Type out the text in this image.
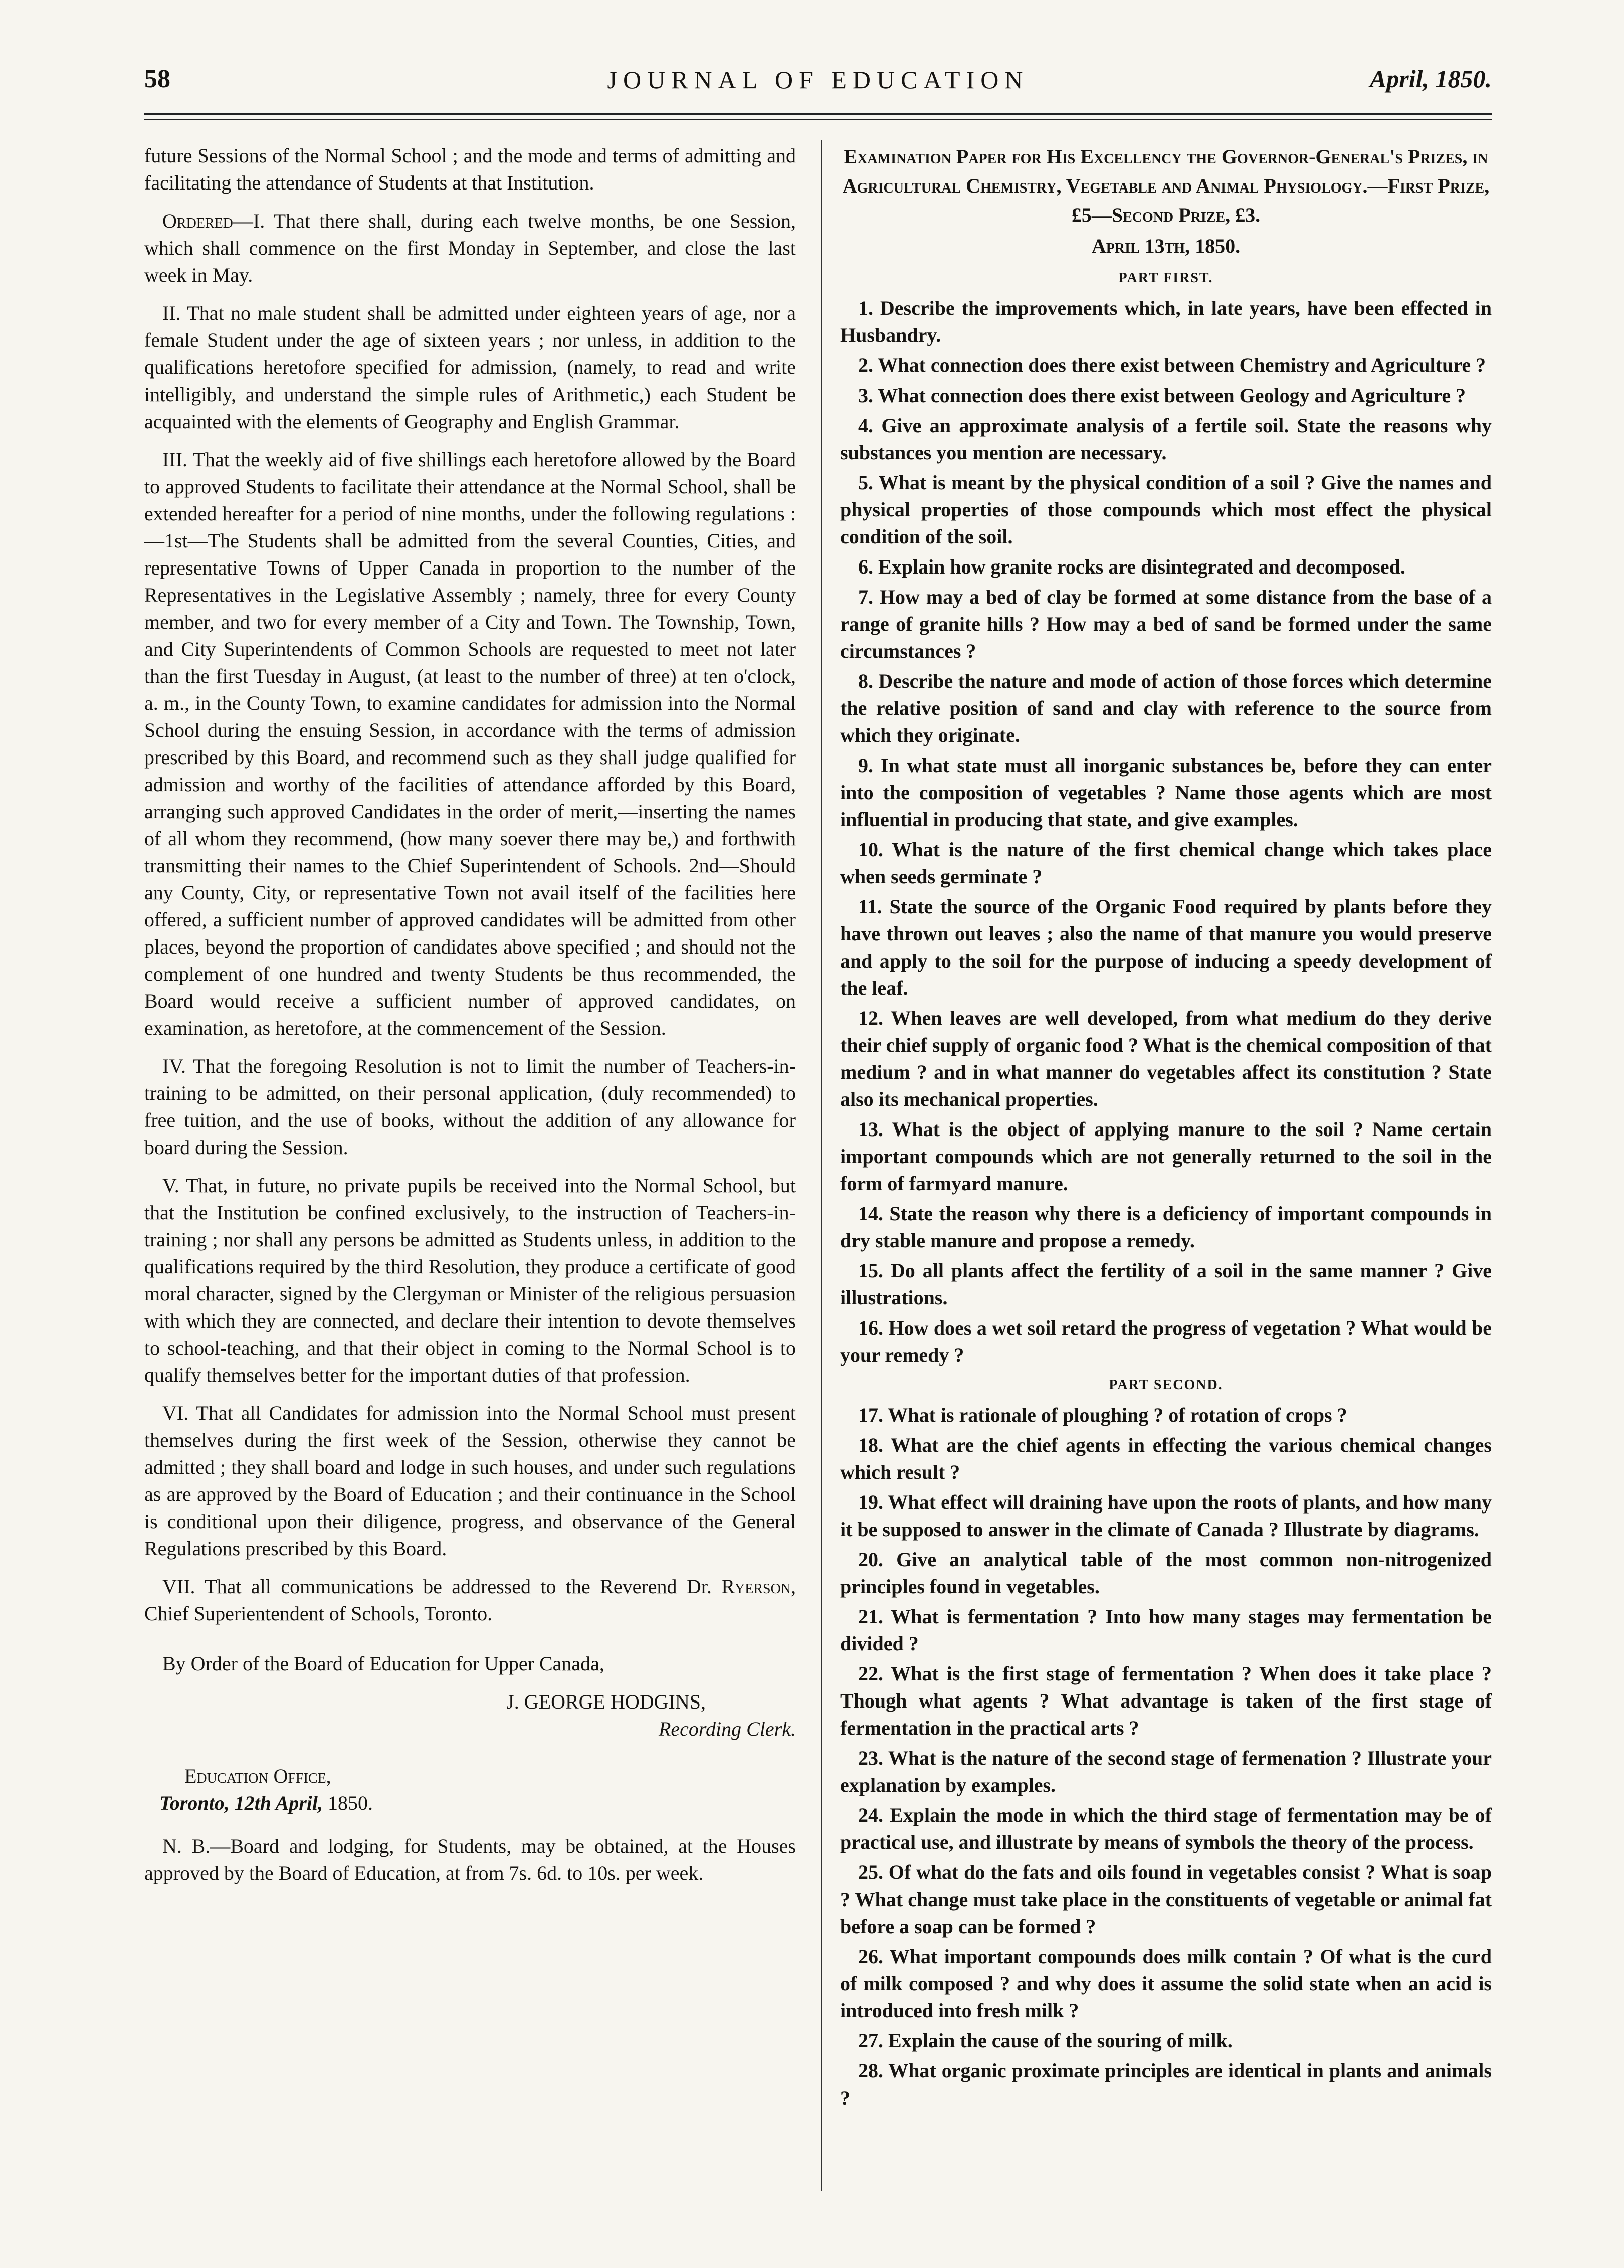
58	JOURNAL OF EDUCATION	April, 1850.

future Sessions of the Normal School ; and the mode and terms of admitting and facilitating the attendance of Students at that Institution.

Ordered—I. That there shall, during each twelve months, be one Session, which shall commence on the first Monday in September, and close the last week in May.

II. That no male student shall be admitted under eighteen years of age, nor a female Student under the age of sixteen years ; nor unless, in addition to the qualifications heretofore specified for admission, (namely, to read and write intelligibly, and understand the simple rules of Arithmetic,) each Student be acquainted with the elements of Geography and English Grammar.

III. That the weekly aid of five shillings each heretofore allowed by the Board to approved Students to facilitate their attendance at the Normal School, shall be extended hereafter for a period of nine months, under the following regulations :—1st—The Students shall be admitted from the several Counties, Cities, and representative Towns of Upper Canada in proportion to the number of the Representatives in the Legislative Assembly ; namely, three for every County member, and two for every member of a City and Town. The Township, Town, and City Superintendents of Common Schools are requested to meet not later than the first Tuesday in August, (at least to the number of three) at ten o'clock, a. m., in the County Town, to examine candidates for admission into the Normal School during the ensuing Session, in accordance with the terms of admission prescribed by this Board, and recommend such as they shall judge qualified for admission and worthy of the facilities of attendance afforded by this Board, arranging such approved Candidates in the order of merit,—inserting the names of all whom they recommend, (how many soever there may be,) and forthwith transmitting their names to the Chief Superintendent of Schools. 2nd—Should any County, City, or representative Town not avail itself of the facilities here offered, a sufficient number of approved candidates will be admitted from other places, beyond the proportion of candidates above specified ; and should not the complement of one hundred and twenty Students be thus recommended, the Board would receive a sufficient number of approved candidates, on examination, as heretofore, at the commencement of the Session.

IV. That the foregoing Resolution is not to limit the number of Teachers-in-training to be admitted, on their personal application, (duly recommended) to free tuition, and the use of books, without the addition of any allowance for board during the Session.

V. That, in future, no private pupils be received into the Normal School, but that the Institution be confined exclusively, to the instruction of Teachers-in-training ; nor shall any persons be admitted as Students unless, in addition to the qualifications required by the third Resolution, they produce a certificate of good moral character, signed by the Clergyman or Minister of the religious persuasion with which they are connected, and declare their intention to devote themselves to school-teaching, and that their object in coming to the Normal School is to qualify themselves better for the important duties of that profession.

VI. That all Candidates for admission into the Normal School must present themselves during the first week of the Session, otherwise they cannot be admitted ; they shall board and lodge in such houses, and under such regulations as are approved by the Board of Education ; and their continuance in the School is conditional upon their diligence, progress, and observance of the General Regulations prescribed by this Board.

VII. That all communications be addressed to the Reverend Dr. Ryerson, Chief Superientendent of Schools, Toronto.

By Order of the Board of Education for Upper Canada,

J. GEORGE HODGINS,

Recording Clerk.

Education Office,

Toronto, 12th April, 1850.

N. B.—Board and lodging, for Students, may be obtained, at the Houses approved by the Board of Education, at from 7s. 6d. to 10s. per week.

Examination Paper for His Excellency the Governor-General's Prizes, in Agricultural Chemistry, Vegetable and Animal Physiology.—First Prize, £5—Second Prize, £3.

April 13th, 1850.

PART FIRST.

1. Describe the improvements which, in late years, have been effected in Husbandry.

2. What connection does there exist between Chemistry and Agriculture ?

3. What connection does there exist between Geology and Agriculture ?

4. Give an approximate analysis of a fertile soil. State the reasons why substances you mention are necessary.

5. What is meant by the physical condition of a soil ? Give the names and physical properties of those compounds which most effect the physical condition of the soil.

6. Explain how granite rocks are disintegrated and decomposed.

7. How may a bed of clay be formed at some distance from the base of a range of granite hills ? How may a bed of sand be formed under the same circumstances ?

8. Describe the nature and mode of action of those forces which determine the relative position of sand and clay with reference to the source from which they originate.

9. In what state must all inorganic substances be, before they can enter into the composition of vegetables ? Name those agents which are most influential in producing that state, and give examples.

10. What is the nature of the first chemical change which takes place when seeds germinate ?

11. State the source of the Organic Food required by plants before they have thrown out leaves ; also the name of that manure you would preserve and apply to the soil for the purpose of inducing a speedy development of the leaf.

12. When leaves are well developed, from what medium do they derive their chief supply of organic food ? What is the chemical composition of that medium ? and in what manner do vegetables affect its constitution ? State also its mechanical properties.

13. What is the object of applying manure to the soil ? Name certain important compounds which are not generally returned to the soil in the form of farmyard manure.

14. State the reason why there is a deficiency of important compounds in dry stable manure and propose a remedy.

15. Do all plants affect the fertility of a soil in the same manner ? Give illustrations.

16. How does a wet soil retard the progress of vegetation ? What would be your remedy ?

PART SECOND.

17. What is rationale of ploughing ? of rotation of crops ?

18. What are the chief agents in effecting the various chemical changes which result ?

19. What effect will draining have upon the roots of plants, and how many it be supposed to answer in the climate of Canada ? Illustrate by diagrams.

20. Give an analytical table of the most common non-nitrogenized principles found in vegetables.

21. What is fermentation ? Into how many stages may fermentation be divided ?

22. What is the first stage of fermentation ? When does it take place ? Though what agents ? What advantage is taken of the first stage of fermentation in the practical arts ?

23. What is the nature of the second stage of fermenation ? Illustrate your explanation by examples.

24. Explain the mode in which the third stage of fermentation may be of practical use, and illustrate by means of symbols the theory of the process.

25. Of what do the fats and oils found in vegetables consist ? What is soap ? What change must take place in the constituents of vegetable or animal fat before a soap can be formed ?

26. What important compounds does milk contain ? Of what is the curd of milk composed ? and why does it assume the solid state when an acid is introduced into fresh milk ?

27. Explain the cause of the souring of milk.

28. What organic proximate principles are identical in plants and animals ?
